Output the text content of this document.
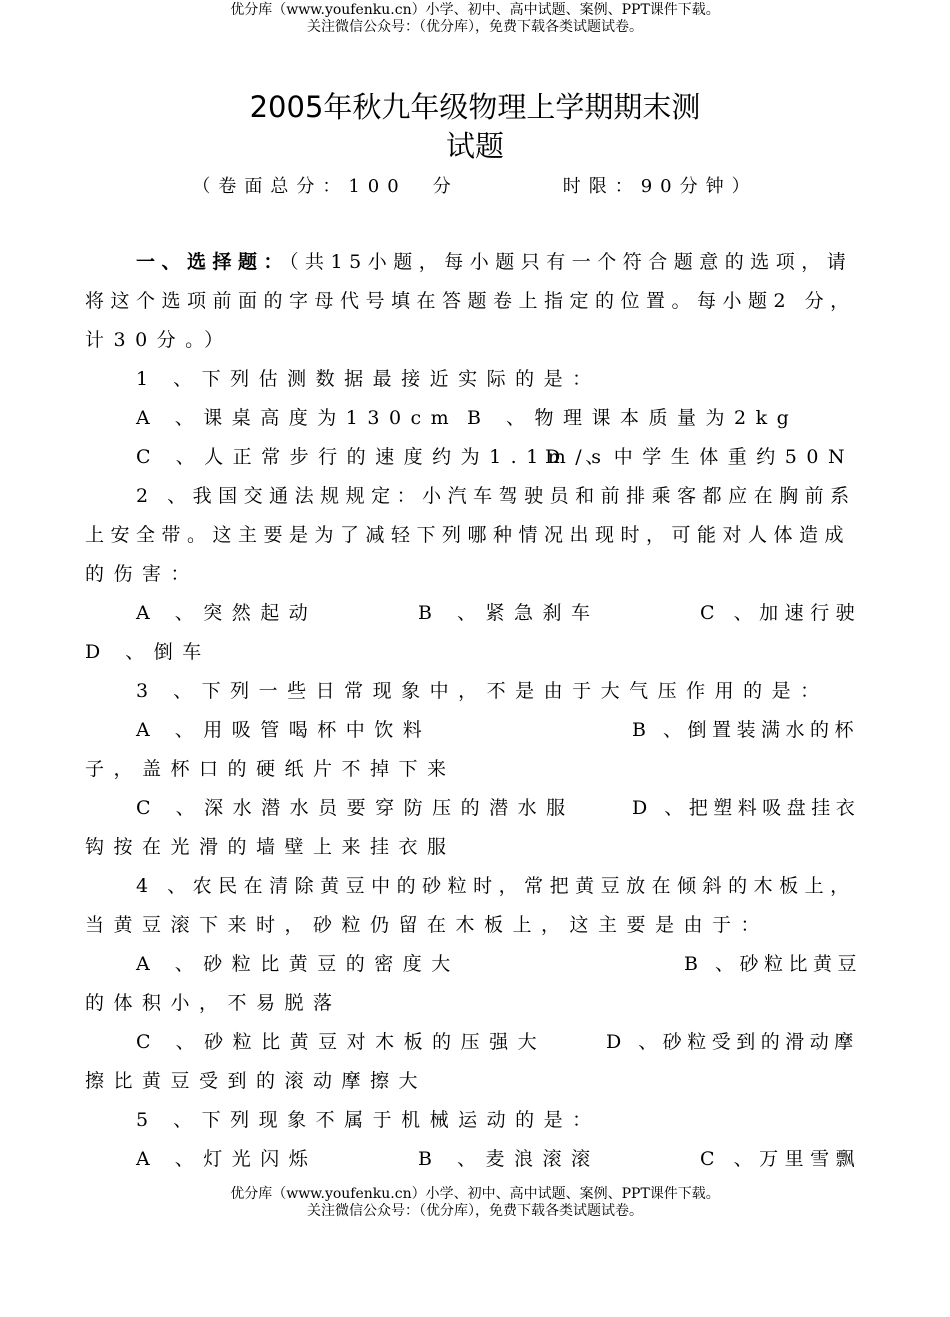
优分库（www.youfenku.cn）小学、初中、高中试题、案例、PPT课件下载。
关注微信公众号：（优分库），免费下载各类试题试卷。
2005年秋九年级物理上学期期末测
试题
（卷面总分：100　分　　　　时限：90分钟）
一、选择题：（共15小题，每小题只有一个符合题意的选项，请
将这个选项前面的字母代号填在答题卷上指定的位置。每小题2 分，
计30分。）
1 、下列估测数据最接近实际的是：
A 、课桌高度为130cm B 、物理课本质量为2kg
C 、人正常步行的速度约为1.1m/s
D 、中学生体重约50N
2 、我国交通法规规定：小汽车驾驶员和前排乘客都应在胸前系
上安全带。这主要是为了减轻下列哪种情况出现时，可能对人体造成
的伤害：
A 、突然起动	B 、紧急刹车	C 、加速行驶
D 、倒车
3 、下列一些日常现象中，不是由于大气压作用的是：
A 、用吸管喝杯中饮料	B 、倒置装满水的杯
子，盖杯口的硬纸片不掉下来
C 、深水潜水员要穿防压的潜水服	D 、把塑料吸盘挂衣
钩按在光滑的墙壁上来挂衣服
4 、农民在清除黄豆中的砂粒时，常把黄豆放在倾斜的木板上，
当黄豆滚下来时，砂粒仍留在木板上，这主要是由于：
A 、砂粒比黄豆的密度大	B 、砂粒比黄豆
的体积小，不易脱落
C 、砂粒比黄豆对木板的压强大	D 、砂粒受到的滑动摩
擦比黄豆受到的滚动摩擦大
5 、下列现象不属于机械运动的是：
A 、灯光闪烁	B 、麦浪滚滚	C 、万里雪飘
优分库（www.youfenku.cn）小学、初中、高中试题、案例、PPT课件下载。
关注微信公众号：（优分库），免费下载各类试题试卷。
